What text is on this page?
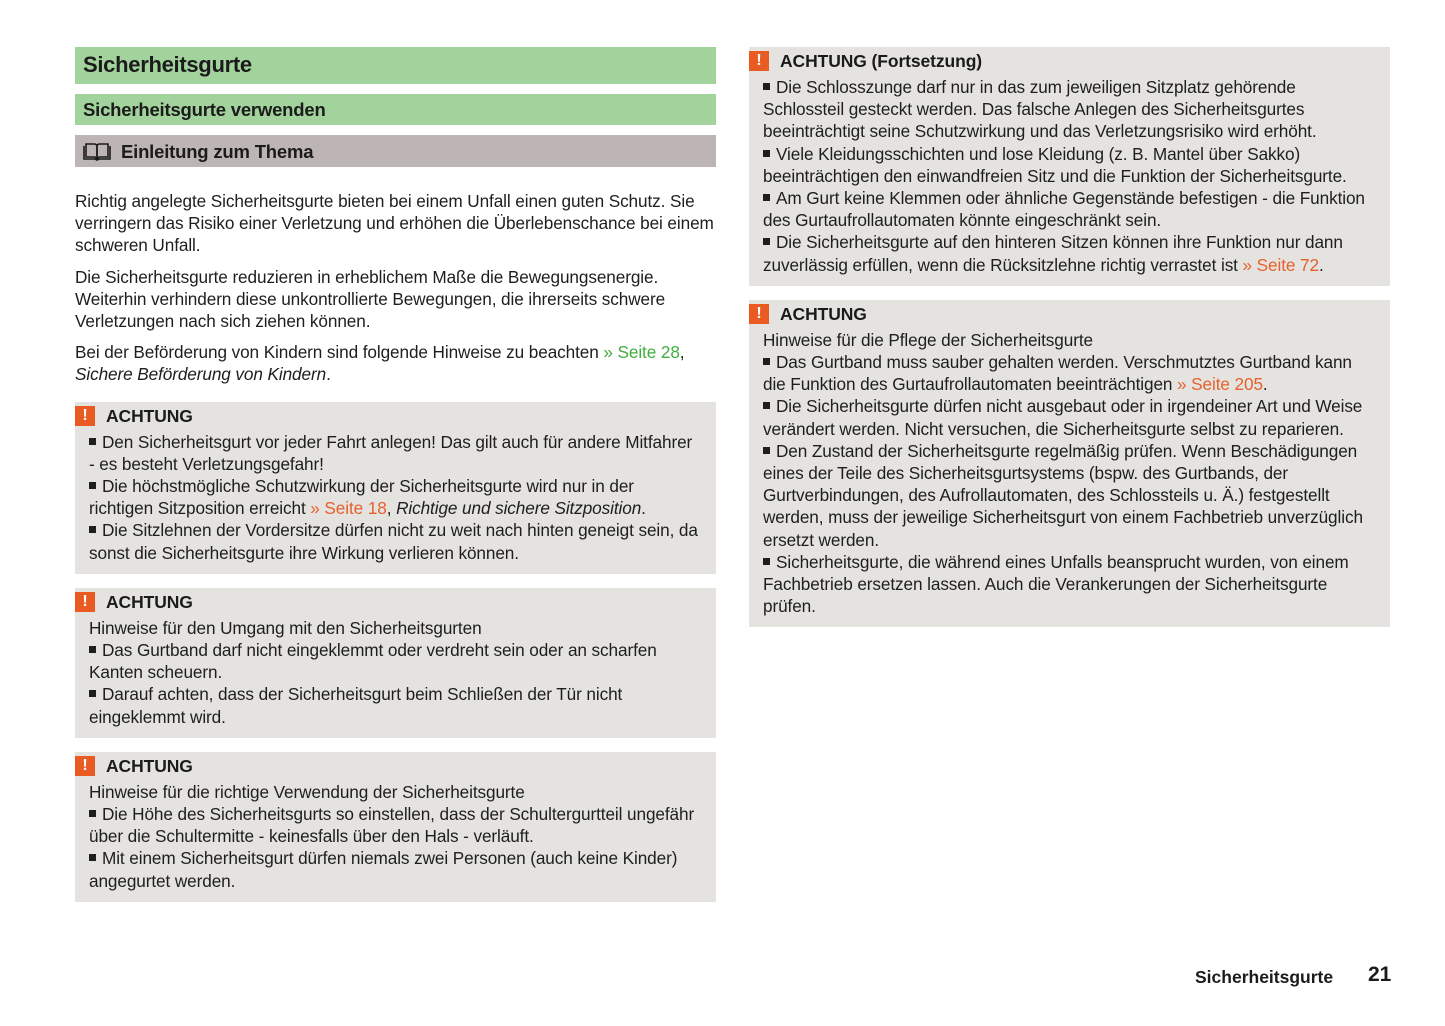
Sicherheitsgurte
Sicherheitsgurte verwenden
Einleitung zum Thema

Richtig angelegte Sicherheitsgurte bieten bei einem Unfall einen guten Schutz. Sie verringern das Risiko einer Verletzung und erhöhen die Überlebenschance bei einem schweren Unfall.

Die Sicherheitsgurte reduzieren in erheblichem Maße die Bewegungsenergie. Weiterhin verhindern diese unkontrollierte Bewegungen, die ihrerseits schwere Verletzungen nach sich ziehen können.

Bei der Beförderung von Kindern sind folgende Hinweise zu beachten » Seite 28, Sichere Beförderung von Kindern.

!	ACHTUNG

Den Sicherheitsgurt vor jeder Fahrt anlegen! Das gilt auch für andere Mitfahrer - es besteht Verletzungsgefahr!

Die höchstmögliche Schutzwirkung der Sicherheitsgurte wird nur in der richtigen Sitzposition erreicht » Seite 18, Richtige und sichere Sitzposition.

Die Sitzlehnen der Vordersitze dürfen nicht zu weit nach hinten geneigt sein, da sonst die Sicherheitsgurte ihre Wirkung verlieren können.

!	ACHTUNG

Hinweise für den Umgang mit den Sicherheitsgurten

Das Gurtband darf nicht eingeklemmt oder verdreht sein oder an scharfen Kanten scheuern.

Darauf achten, dass der Sicherheitsgurt beim Schließen der Tür nicht eingeklemmt wird.

!	ACHTUNG

Hinweise für die richtige Verwendung der Sicherheitsgurte

Die Höhe des Sicherheitsgurts so einstellen, dass der Schultergurtteil ungefähr über die Schultermitte - keinesfalls über den Hals - verläuft.

Mit einem Sicherheitsgurt dürfen niemals zwei Personen (auch keine Kinder) angegurtet werden.

!	ACHTUNG (Fortsetzung)

Die Schlosszunge darf nur in das zum jeweiligen Sitzplatz gehörende Schlossteil gesteckt werden. Das falsche Anlegen des Sicherheitsgurtes beeinträchtigt seine Schutzwirkung und das Verletzungsrisiko wird erhöht.

Viele Kleidungsschichten und lose Kleidung (z. B. Mantel über Sakko) beeinträchtigen den einwandfreien Sitz und die Funktion der Sicherheitsgurte.

Am Gurt keine Klemmen oder ähnliche Gegenstände befestigen - die Funktion des Gurtaufrollautomaten könnte eingeschränkt sein.

Die Sicherheitsgurte auf den hinteren Sitzen können ihre Funktion nur dann zuverlässig erfüllen, wenn die Rücksitzlehne richtig verrastet ist » Seite 72.

!	ACHTUNG

Hinweise für die Pflege der Sicherheitsgurte

Das Gurtband muss sauber gehalten werden. Verschmutztes Gurtband kann die Funktion des Gurtaufrollautomaten beeinträchtigen » Seite 205.

Die Sicherheitsgurte dürfen nicht ausgebaut oder in irgendeiner Art und Weise verändert werden. Nicht versuchen, die Sicherheitsgurte selbst zu reparieren.

Den Zustand der Sicherheitsgurte regelmäßig prüfen. Wenn Beschädigungen eines der Teile des Sicherheitsgurtsystems (bspw. des Gurtbands, der Gurtverbindungen, des Aufrollautomaten, des Schlossteils u. Ä.) festgestellt werden, muss der jeweilige Sicherheitsgurt von einem Fachbetrieb unverzüglich ersetzt werden.

Sicherheitsgurte, die während eines Unfalls beansprucht wurden, von einem Fachbetrieb ersetzen lassen. Auch die Verankerungen der Sicherheitsgurte prüfen.

Sicherheitsgurte 21
